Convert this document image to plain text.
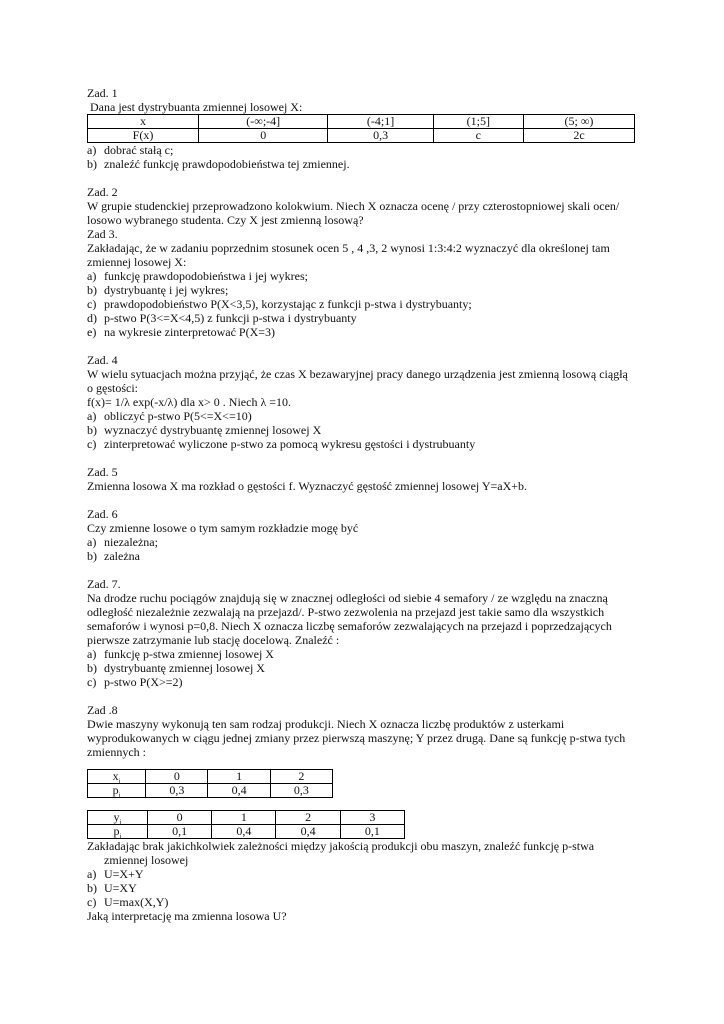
Zad. 1
Dana jest dystrybuanta zmiennej losowej X:
x	(-∞;-4]	(-4;1]	(1;5]	(5; ∞)
F(x)	0	0,3	c	2c
a) dobrać stałą c;
b) znaleźć funkcję prawdopodobieństwa tej zmiennej.
Zad. 2
W grupie studenckiej przeprowadzono kolokwium. Niech X oznacza ocenę / przy czterostopniowej skali ocen/
losowo wybranego studenta. Czy X jest zmienną losową?
Zad 3.
Zakładając, że w zadaniu poprzednim stosunek ocen 5 , 4 ,3, 2 wynosi 1:3:4:2 wyznaczyć dla określonej tam
zmiennej losowej X:
a) funkcję prawdopodobieństwa i jej wykres;
b) dystrybuantę i jej wykres;
c) prawdopodobieństwo P(X<3,5), korzystając z funkcji p-stwa i dystrybuanty;
d) p-stwo P(3<=X<4,5) z funkcji p-stwa i dystrybuanty
e) na wykresie zinterpretować P(X=3)
Zad. 4
W wielu sytuacjach można przyjąć, że czas X bezawaryjnej pracy danego urządzenia jest zmienną losową ciągłą
o gęstości:
f(x)= 1/λ exp(-x/λ) dla x> 0 . Niech λ =10.
a) obliczyć p-stwo P(5<=X<=10)
b) wyznaczyć dystrybuantę zmiennej losowej X
c) zinterpretować wyliczone p-stwo za pomocą wykresu gęstości i dystrubuanty
Zad. 5
Zmienna losowa X ma rozkład o gęstości f. Wyznaczyć gęstość zmiennej losowej Y=aX+b.
Zad. 6
Czy zmienne losowe o tym samym rozkładzie mogę być
a) niezależna;
b) zależna
Zad. 7.
Na drodze ruchu pociągów znajdują się w znacznej odległości od siebie 4 semafory / ze względu na znaczną
odległość niezależnie zezwalają na przejazd/. P-stwo zezwolenia na przejazd jest takie samo dla wszystkich
semaforów i wynosi p=0,8. Niech X oznacza liczbę semaforów zezwalających na przejazd i poprzedzających
pierwsze zatrzymanie lub stację docelową. Znaleźć :
a) funkcję p-stwa zmiennej losowej X
b) dystrybuantę zmiennej losowej X
c) p-stwo P(X>=2)
Zad .8
Dwie maszyny wykonują ten sam rodzaj produkcji. Niech X oznacza liczbę produktów z usterkami
wyprodukowanych w ciągu jednej zmiany przez pierwszą maszynę; Y przez drugą. Dane są funkcję p-stwa tych
zmiennych :
$x_i$	0	1	2
$p_i$	0,3	0,4	0,3
$y_i$	0	1	2	3
$p_i$	0,1	0,4	0,4	0,1
Zakładając brak jakichkolwiek zależności między jakością produkcji obu maszyn, znaleźć funkcję p-stwa
zmiennej losowej
a) U=X+Y
b) U=XY
c) U=max(X,Y)
Jaką interpretację ma zmienna losowa U?
